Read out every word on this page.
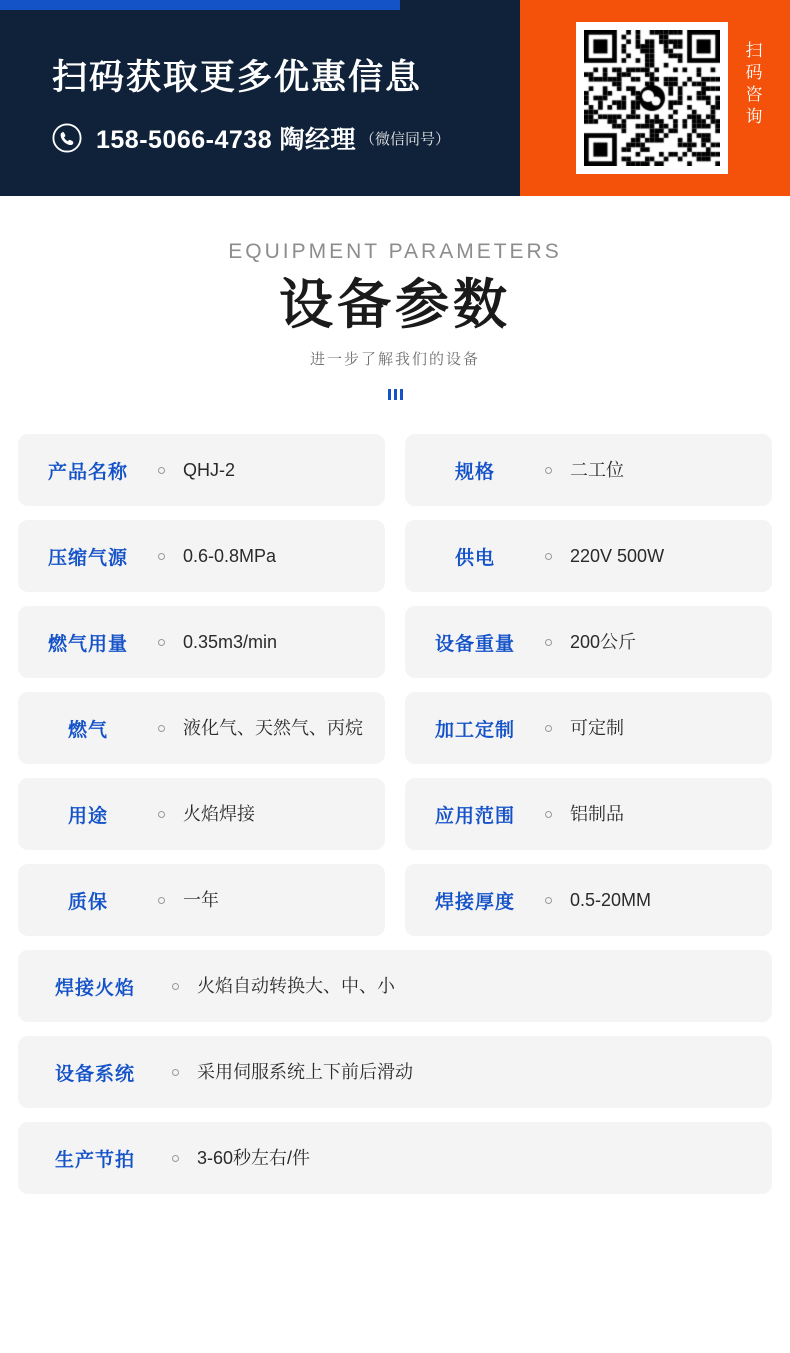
扫码获取更多优惠信息
158-5066-4738 陶经理 （微信同号）
扫码咨询
EQUIPMENT PARAMETERS
设备参数
进一步了解我们的设备
产品名称	QHJ-2	规格	二工位
压缩气源	0.6-0.8MPa	供电	220V 500W
燃气用量	0.35m3/min	设备重量	200公斤
燃气	液化气、天然气、丙烷	加工定制	可定制
用途	火焰焊接	应用范围	铝制品
质保	一年	焊接厚度	0.5-20MM
焊接火焰	火焰自动转换大、中、小
设备系统	采用伺服系统上下前后滑动
生产节拍	3-60秒左右/件
